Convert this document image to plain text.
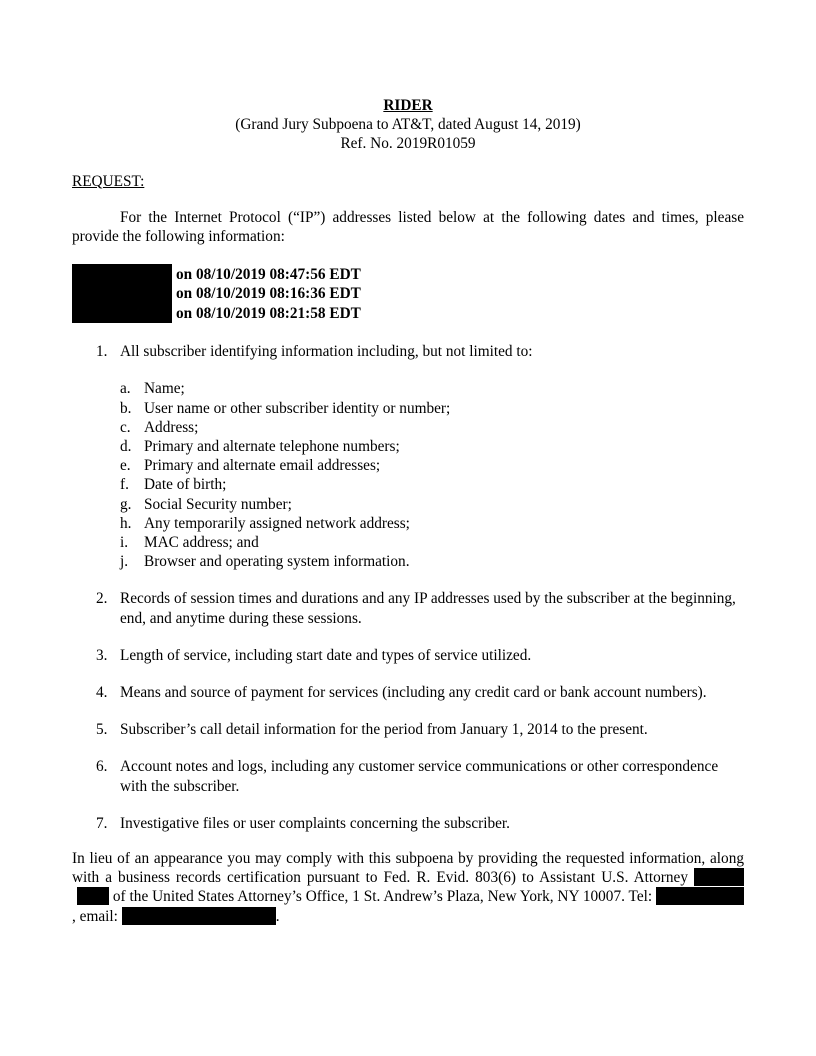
RIDER
(Grand Jury Subpoena to AT&T, dated August 14, 2019)
Ref. No. 2019R01059
REQUEST:
For the Internet Protocol (“IP”) addresses listed below at the following dates and times, please provide the following information:
on 08/10/2019 08:47:56 EDT
on 08/10/2019 08:16:36 EDT
on 08/10/2019 08:21:58 EDT
1. All subscriber identifying information including, but not limited to:
a. Name;
b. User name or other subscriber identity or number;
c. Address;
d. Primary and alternate telephone numbers;
e. Primary and alternate email addresses;
f. Date of birth;
g. Social Security number;
h. Any temporarily assigned network address;
i. MAC address; and
j. Browser and operating system information.
2. Records of session times and durations and any IP addresses used by the subscriber at the beginning, end, and anytime during these sessions.
3. Length of service, including start date and types of service utilized.
4. Means and source of payment for services (including any credit card or bank account numbers).
5. Subscriber’s call detail information for the period from January 1, 2014 to the present.
6. Account notes and logs, including any customer service communications or other correspondence with the subscriber.
7. Investigative files or user complaints concerning the subscriber.
In lieu of an appearance you may comply with this subpoena by providing the requested information, along with a business records certification pursuant to Fed. R. Evid. 803(6) to Assistant U.S. Attorney  of the United States Attorney’s Office, 1 St. Andrew’s Plaza, New York, NY 10007. Tel: , email:	.
